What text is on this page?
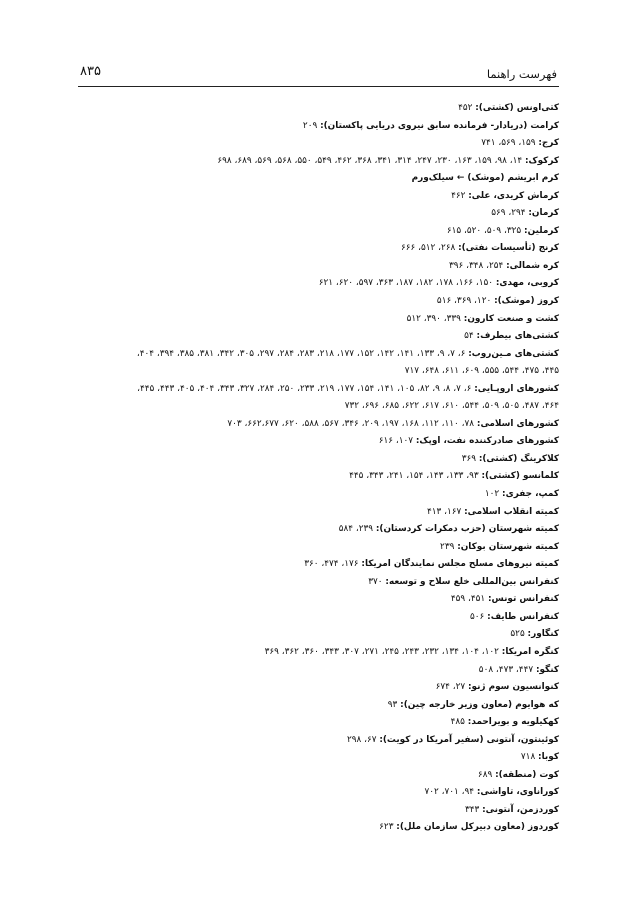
۸۳۵	فهرست راهنما
کتی‌اونس (کشتی): ۴۵۲
کرامت (دریادار- فرمانده سابق نیروی دریایی پاکستان): ۲۰۹
کرج: ۱۵۹، ۵۶۹، ۷۴۱
کرکوک: ۱۴، ۹۸، ۱۵۹، ۱۶۳، ۲۳۰، ۲۴۷، ۳۱۴، ۳۴۱، ۳۶۸، ۴۶۲، ۵۴۹، ۵۵۰، ۵۶۸، ۵۶۹، ۶۸۹، ۶۹۸
کرم ابریشم (موشک) ← سیلک‌ورم
کرماش کریدی، علی: ۴۶۲
کرمان: ۲۹۴، ۵۶۹
کرملین: ۳۲۵، ۵۰۹، ۵۲۰، ۶۱۵
کرنج (تأسیسات نفتی): ۲۶۸، ۵۱۲، ۶۶۶
کره شمالی: ۲۵۴، ۳۴۸، ۳۹۶
کروبی، مهدی: ۱۵۰، ۱۶۶، ۱۷۸، ۱۸۲، ۱۸۷، ۳۶۳، ۵۹۷، ۶۲۰، ۶۲۱
کروز (موشک): ۱۲۰، ۳۶۹، ۵۱۶
کشت و صنعت کارون: ۳۳۹، ۳۹۰، ۵۱۲
کشتی‌های بیطرف: ۵۴
کشتی‌های مـین‌روب: ۶، ۷، ۹، ۱۳۳، ۱۴۱، ۱۴۲، ۱۵۲، ۱۷۷، ۲۱۸، ۲۸۳، ۲۸۴، ۲۹۷، ۳۰۵، ۳۴۲، ۳۸۱، ۳۸۵، ۳۹۴، ۴۰۴،
۴۴۵، ۴۷۵، ۵۴۴، ۵۵۵، ۶۰۹، ۶۱۱، ۶۴۸، ۷۱۷
کشورهای اروپـایی: ۶، ۷، ۸، ۹، ۸۲، ۱۰۵، ۱۴۱، ۱۵۴، ۱۷۷، ۲۱۹، ۲۳۳، ۲۵۰، ۲۸۴، ۳۲۷، ۳۴۳، ۴۰۴، ۴۰۵، ۴۴۳، ۴۴۵،
۴۶۴، ۴۸۷، ۵۰۵، ۵۰۹، ۵۴۴، ۶۱۰، ۶۱۷، ۶۲۲، ۶۸۵، ۶۹۶، ۷۳۲
کشورهای اسلامی: ۷۸، ۱۱۰، ۱۱۲، ۱۶۸، ۱۹۷، ۲۰۹، ۳۴۶، ۵۶۷، ۵۸۸، ۶۲۰، ۶۶۲،۶۷۷، ۷۰۳
کشورهای صادرکننده نفت، اوپک: ۱۰۷، ۶۱۶
کلاکرینگ (کشتی): ۳۶۹
کلمانسو (کشتی): ۹۳، ۱۳۳، ۱۴۳، ۱۵۴، ۲۴۱، ۳۴۳، ۴۴۵
کمپ، جفری: ۱۰۲
کمیته انقلاب اسلامی: ۱۶۷، ۴۱۳
کمیته شهرستان (حزب دمکرات کردستان): ۲۳۹، ۵۸۴
کمیته شهرستان بوکان: ۲۳۹
کمیته نیروهای مسلح مجلس نمایندگان امریکا: ۱۷۶، ۴۷۴، ۳۶۰
کنفرانس بین‌المللی خلع سلاح و توسعه: ۳۷۰
کنفرانس تونس: ۴۵۱، ۴۵۹
کنفرانس طایف: ۵۰۶
کنگاور: ۵۲۵
کنگره امریکا: ۱۰۲، ۱۰۴، ۱۳۴، ۲۳۲، ۲۴۳، ۲۴۵، ۲۷۱، ۳۰۷، ۳۴۳، ۳۶۰، ۳۶۲، ۳۶۹
کنگو: ۴۴۷، ۴۷۳، ۵۰۸
کنوانسیون سوم ژنو: ۲۷، ۶۷۴
که هوایوم (معاون وزیر خارجه چین): ۹۳
کهکیلویه و بویراحمد: ۴۸۵
کوئینتون، آنتونی (سفیر آمریکا در کویت): ۶۷، ۲۹۸
کوبا: ۷۱۸
کوت (منطقه): ۶۸۹
کوراناوی، تاواشی: ۹۴، ۷۰۱، ۷۰۲
کوردزمن، آنتونی: ۳۴۳
کوردوز (معاون دبیرکل سازمان ملل): ۶۲۳
